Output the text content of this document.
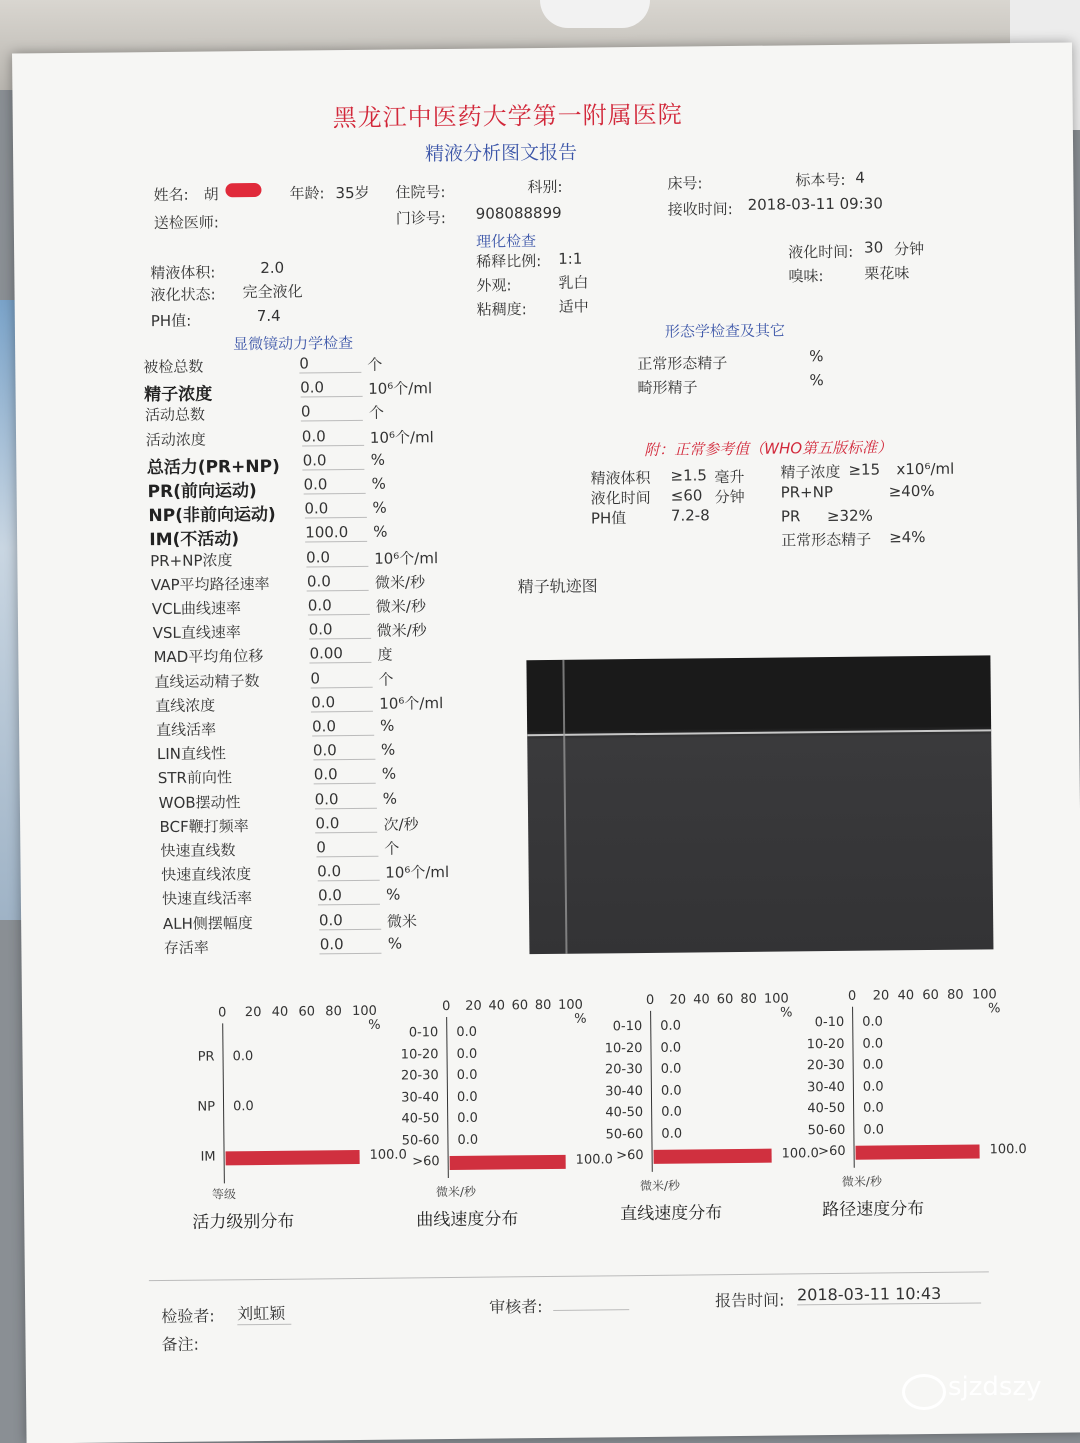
黑龙江中医药大学第一附属医院
精液分析图文报告
姓名: 胡	年龄: 35岁 住院号:	科别:	床号:	标本号: 4
送检医师:	门诊号: 908088899	接收时间: 2018-03-11 09:30
理化检查
精液体积:	2.0
液化状态: 完全液化
PH值:	7.4
稀释比例: 1:1
外观:	乳白
粘稠度: 适中
液化时间: 30 分钟
嗅味:	栗花味
显微镜动力学检查
形态学检查及其它
正常形态精子	%
畸形精子	%
附：正常参考值（WHO第五版标准）
精子轨迹图
检验者: 刘虹颖	审核者:	报告时间: 2018-03-11 10:43
备注:
被检总数	0	个
精子浓度	0.0	10⁶个/ml
活动总数	0	个
活动浓度	0.0	10⁶个/ml
总活力(PR+NP) 0.0	%
PR(前向运动)	0.0	%
NP(非前向运动) 0.0	%
IM(不活动)	100.0	%
PR+NP浓度	0.0	10⁶个/ml
VAP平均路径速率 0.0	微米/秒
VCL曲线速率	0.0	微米/秒
VSL直线速率	0.0	微米/秒
MAD平均角位移	0.00	度
直线运动精子数	0	个
直线浓度	0.0	10⁶个/ml
直线活率	0.0	%
LIN直线性	0.0	%
STR前向性	0.0	%
WOB摆动性	0.0	%
BCF鞭打频率	0.0	次/秒
快速直线数	0	个
快速直线浓度	0.0	10⁶个/ml
快速直线活率	0.0	%
ALH侧摆幅度	0.0	微米
存活率	0.0	%
精液体积 ≥1.5 毫升
液化时间 ≤60 分钟
PH值	7.2-8
精子浓度 ≥15 x10⁶/ml
PR+NP	≥40%
PR ≥32%
正常形态精子 ≥4%
0 20 40 60 80 100
%
PR 0.0
NP 0.0
IM	100.0
等级
活力级别分布
0 20 40 60 80 100
%
0-10 0.0
10-20 0.0
20-30 0.0
30-40 0.0
40-50 0.0
50-60 0.0
>60	100.0
微米/秒
曲线速度分布
0 20 40 60 80 100
%
0-10 0.0
10-20 0.0
20-30 0.0
30-40 0.0
40-50 0.0
50-60 0.0
>60	100.0
微米/秒
直线速度分布
0 20 40 60 80 100
%
0-10 0.0
10-20 0.0
20-30 0.0
30-40 0.0
40-50 0.0
50-60 0.0
>60	100.0
微米/秒
路径速度分布
sjzdszy
